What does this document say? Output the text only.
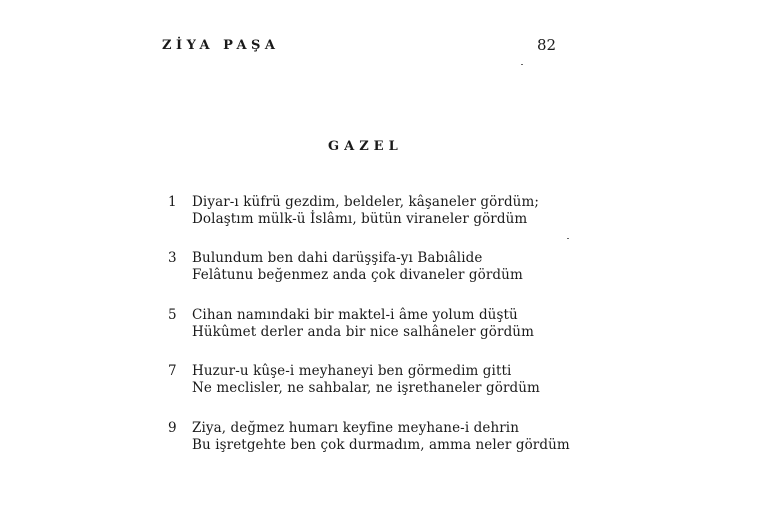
ZİYA PAŞA	82
GAZEL
1 Diyar-ı küfrü gezdim, beldeler, kâşaneler gördüm;
Dolaştım mülk-ü İslâmı, bütün viraneler gördüm
3 Bulundum ben dahi darüşşifa-yı Babıâlide
Felâtunu beğenmez anda çok divaneler gördüm
5 Cihan namındaki bir maktel-i âme yolum düştü
Hükûmet derler anda bir nice salhâneler gördüm
7 Huzur-u kûşe-i meyhaneyi ben görmedim gitti
Ne meclisler, ne sahbalar, ne işrethaneler gördüm
9 Ziya, değmez humarı keyfine meyhane-i dehrin
Bu işretgehte ben çok durmadım, amma neler gördüm
